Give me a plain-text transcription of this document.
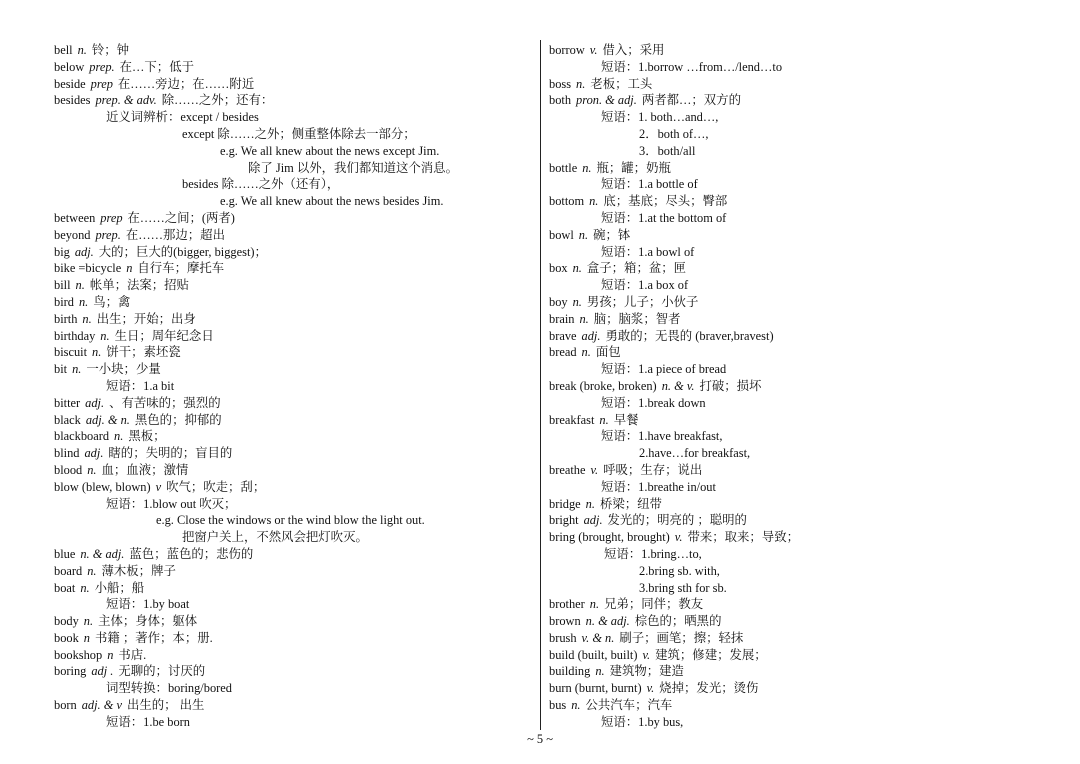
bell n. 铃；钟
below prep. 在…下；低于
beside prep 在……旁边；在……附近
besides prep. & adv. 除……之外；还有：
近义词辨析：except / besides
except 除……之外；侧重整体除去一部分；
e.g. We all knew about the news except Jim.
除了 Jim 以外，我们都知道这个消息。
besides 除……之外（还有），
e.g. We all knew about the news besides Jim.
between prep 在……之间；(两者)
beyond prep. 在……那边；超出
big adj. 大的；巨大的(bigger, biggest)；
bike =bicycle n 自行车；摩托车
bill n. 帐单；法案；招贴
bird n. 鸟；禽
birth n. 出生；开始；出身
birthday n. 生日；周年纪念日
biscuit n. 饼干；素坯瓷
bit n. 一小块；少量
短语：1.a bit
bitter adj. 、有苦味的；强烈的
black adj. & n. 黑色的；抑郁的
blackboard n. 黑板；
blind adj. 瞎的；失明的；盲目的
blood n. 血；血液；激情
blow (blew, blown) v 吹气；吹走；刮；
短语：1.blow out 吹灭；
e.g. Close the windows or the wind blow the light out.
把窗户关上，不然风会把灯吹灭。
blue n. & adj. 蓝色；蓝色的；悲伤的
board n. 薄木板；牌子
boat n. 小船；船
短语：1.by boat
body n. 主体；身体；躯体
book n 书籍 ；著作；本；册.
bookshop n 书店.
boring adj . 无聊的；讨厌的
词型转换：boring/bored
born adj. & v 出生的； 出生
短语：1.be born
borrow v. 借入；采用
短语：1.borrow …from…/lend…to
boss n. 老板；工头
both pron. & adj. 两者都…；双方的
短语：1. both…and…,
2．both of…,
3．both/all
bottle n. 瓶；罐；奶瓶
短语：1.a bottle of
bottom n. 底；基底；尽头；臀部
短语：1.at the bottom of
bowl n. 碗；钵
短语：1.a bowl of
box n. 盒子；箱；盆；匣
短语：1.a box of
boy n. 男孩；儿子；小伙子
brain n. 脑；脑浆；智者
brave adj. 勇敢的；无畏的 (braver,bravest)
bread n. 面包
短语：1.a piece of bread
break (broke, broken) n. & v. 打破；损坏
短语：1.break down
breakfast n. 早餐
短语：1.have breakfast,
2.have…for breakfast,
breathe v. 呼吸；生存；说出
短语：1.breathe in/out
bridge n. 桥梁；纽带
bright adj. 发光的；明亮的 ；聪明的
bring (brought, brought) v. 带来；取来；导致；
短语：1.bring…to,
2.bring sb. with,
3.bring sth for sb.
brother n. 兄弟；同伴；教友
brown n. & adj. 棕色的；晒黑的
brush v. & n. 刷子；画笔；擦；轻抹
build (built, built) v. 建筑；修建；发展；
building n. 建筑物；建造
burn (burnt, burnt) v. 烧掉；发光；烫伤
bus n. 公共汽车；汽车
短语：1.by bus,
~ 5 ~
